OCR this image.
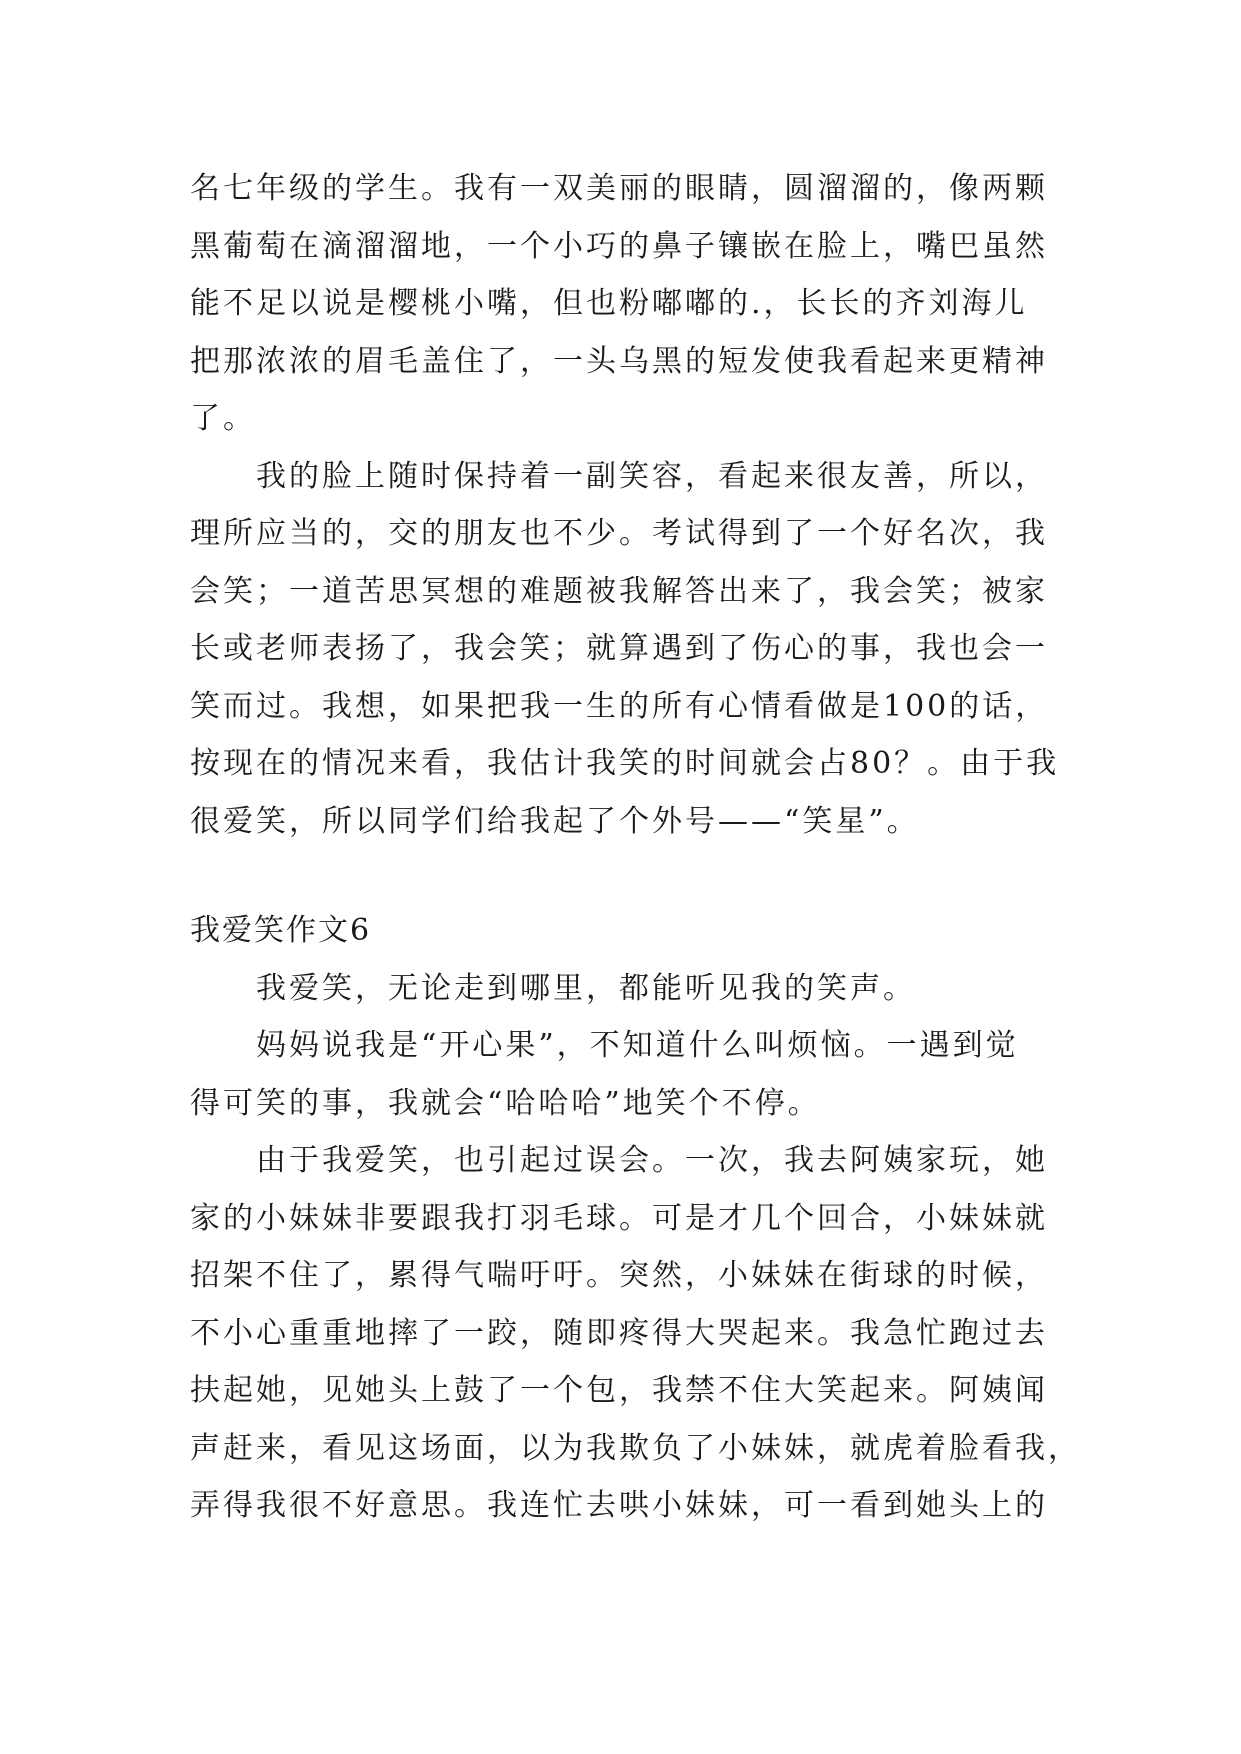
名七年级的学生。我有一双美丽的眼睛，圆溜溜的，像两颗
黑葡萄在滴溜溜地，一个小巧的鼻子镶嵌在脸上，嘴巴虽然
能不足以说是樱桃小嘴，但也粉嘟嘟的.，长长的齐刘海儿
把那浓浓的眉毛盖住了，一头乌黑的短发使我看起来更精神
了。
我的脸上随时保持着一副笑容，看起来很友善，所以，
理所应当的，交的朋友也不少。考试得到了一个好名次，我
会笑；一道苦思冥想的难题被我解答出来了，我会笑；被家
长或老师表扬了，我会笑；就算遇到了伤心的事，我也会一
笑而过。我想，如果把我一生的所有心情看做是100的话，
按现在的情况来看，我估计我笑的时间就会占80？。由于我
很爱笑，所以同学们给我起了个外号——“笑星”。
我爱笑作文6
我爱笑，无论走到哪里，都能听见我的笑声。
妈妈说我是“开心果”，不知道什么叫烦恼。一遇到觉
得可笑的事，我就会“哈哈哈”地笑个不停。
由于我爱笑，也引起过误会。一次，我去阿姨家玩，她
家的小妹妹非要跟我打羽毛球。可是才几个回合，小妹妹就
招架不住了，累得气喘吁吁。突然，小妹妹在街球的时候，
不小心重重地摔了一跤，随即疼得大哭起来。我急忙跑过去
扶起她，见她头上鼓了一个包，我禁不住大笑起来。阿姨闻
声赶来，看见这场面，以为我欺负了小妹妹，就虎着脸看我，
弄得我很不好意思。我连忙去哄小妹妹，可一看到她头上的
